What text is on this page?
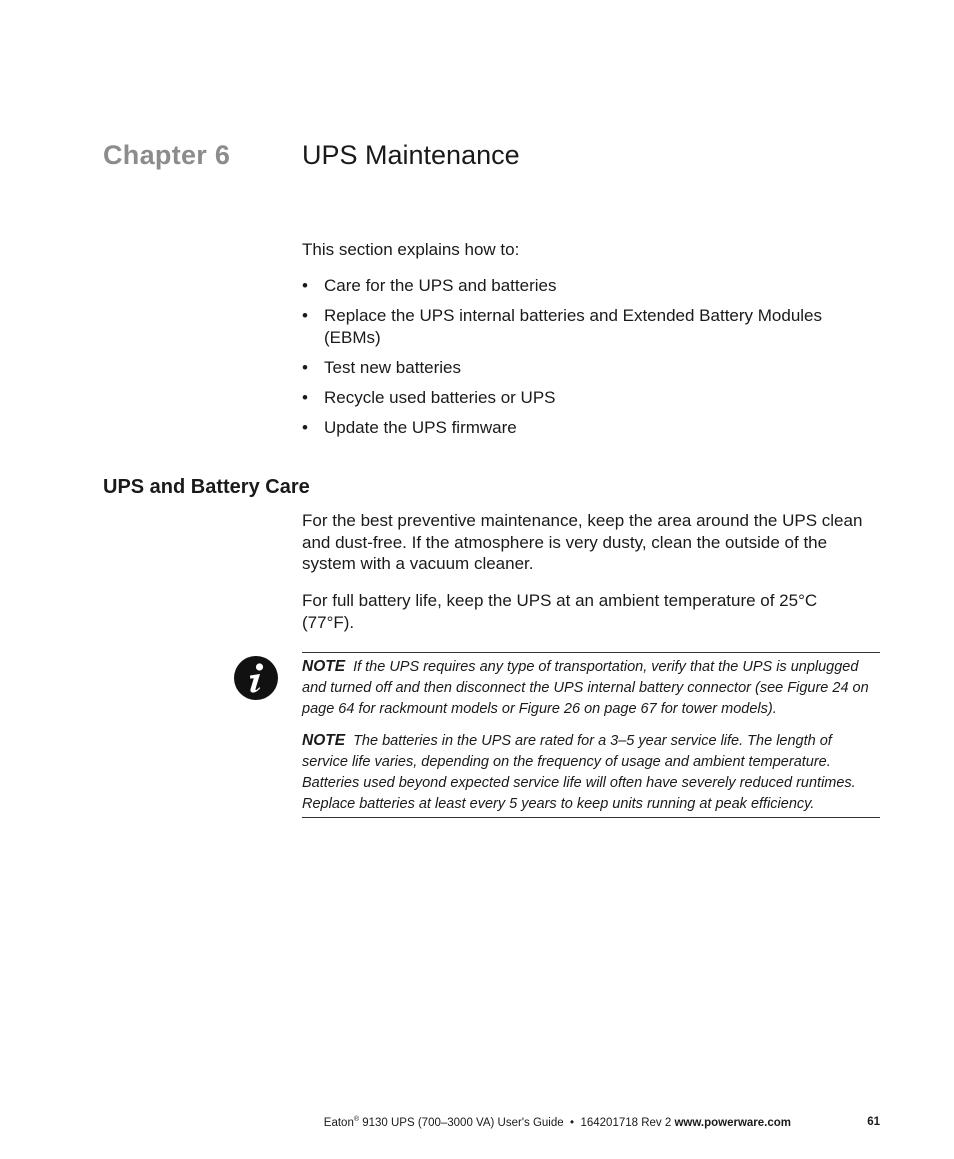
Chapter 6	UPS Maintenance
This section explains how to:
• Care for the UPS and batteries
• Replace the UPS internal batteries and Extended Battery Modules (EBMs)
• Test new batteries
• Recycle used batteries or UPS
• Update the UPS firmware
UPS and Battery Care
For the best preventive maintenance, keep the area around the UPS clean and dust-free. If the atmosphere is very dusty, clean the outside of the system with a vacuum cleaner.
For full battery life, keep the UPS at an ambient temperature of 25°C (77°F).

NOTE If the UPS requires any type of transportation, verify that the UPS is unplugged and turned off and then disconnect the UPS internal battery connector (see Figure 24 on page 64 for rackmount models or Figure 26 on page 67 for tower models).

NOTE The batteries in the UPS are rated for a 3–5 year service life. The length of service life varies, depending on the frequency of usage and ambient temperature. Batteries used beyond expected service life will often have severely reduced runtimes. Replace batteries at least every 5 years to keep units running at peak efficiency.

Eaton® 9130 UPS (700–3000 VA) User's Guide  •  164201718 Rev 2 www.powerware.com	61
